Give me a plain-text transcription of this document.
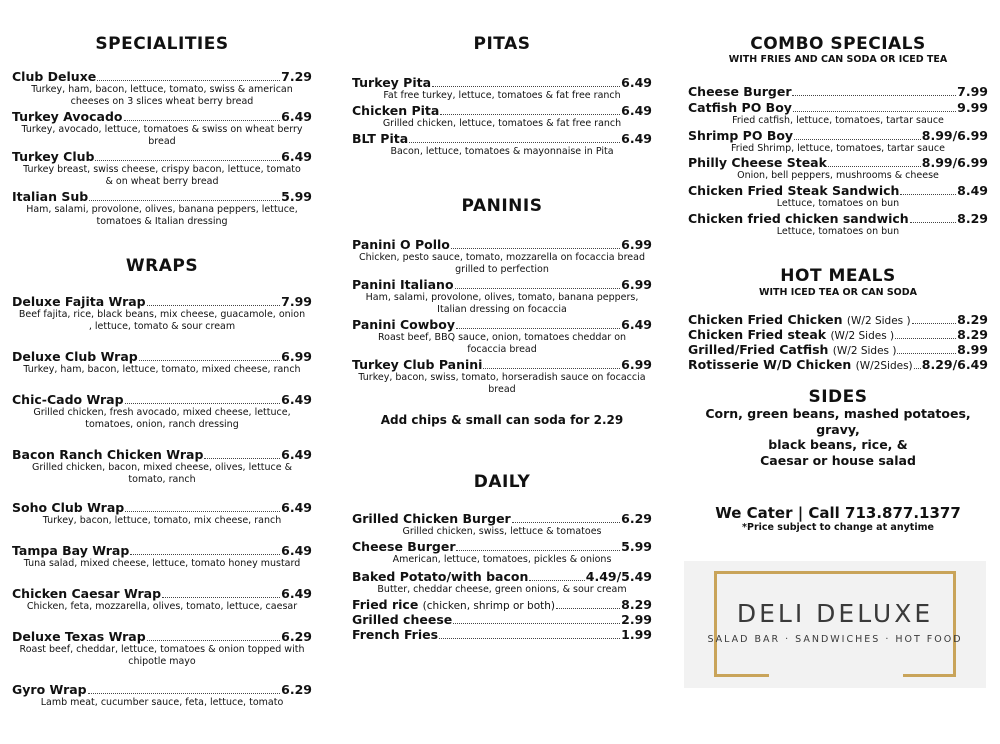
SPECIALITIES
Club Deluxe	7.29
Turkey, ham, bacon, lettuce, tomato, swiss & american cheeses on 3 slices wheat berry bread
Turkey Avocado	6.49
Turkey, avocado, lettuce, tomatoes & swiss on wheat berry bread
Turkey Club	6.49
Turkey breast, swiss cheese, crispy bacon, lettuce, tomato & on wheat berry bread
Italian Sub	5.99
Ham, salami, provolone, olives, banana peppers, lettuce, tomatoes & Italian dressing
WRAPS
Deluxe Fajita Wrap	7.99
Beef fajita, rice, black beans, mix cheese, guacamole, onion , lettuce, tomato & sour cream
Deluxe Club Wrap	6.99
Turkey, ham, bacon, lettuce, tomato, mixed cheese, ranch
Chic-Cado Wrap	6.49
Grilled chicken, fresh avocado, mixed cheese, lettuce, tomatoes, onion, ranch dressing
Bacon Ranch Chicken Wrap	6.49
Grilled chicken, bacon, mixed cheese, olives, lettuce & tomato, ranch
Soho Club Wrap	6.49
Turkey, bacon, lettuce, tomato, mix cheese, ranch
Tampa Bay Wrap	6.49
Tuna salad, mixed cheese, lettuce, tomato honey mustard
Chicken Caesar Wrap	6.49
Chicken, feta, mozzarella, olives, tomato, lettuce, caesar
Deluxe Texas Wrap	6.29
Roast beef, cheddar, lettuce, tomatoes & onion topped with chipotle mayo
Gyro Wrap	6.29
Lamb meat, cucumber sauce, feta, lettuce, tomato
PITAS
Turkey Pita	6.49
Fat free turkey, lettuce, tomatoes & fat free ranch
Chicken Pita	6.49
Grilled chicken, lettuce, tomatoes & fat free ranch
BLT Pita	6.49
Bacon, lettuce, tomatoes & mayonnaise in Pita
PANINIS
Panini O Pollo	6.99
Chicken, pesto sauce, tomato, mozzarella on focaccia bread grilled to perfection
Panini Italiano	6.99
Ham, salami, provolone, olives, tomato, banana peppers, Italian dressing on focaccia
Panini Cowboy	6.49
Roast beef, BBQ sauce, onion, tomatoes cheddar on focaccia bread
Turkey Club Panini	6.99
Turkey, bacon, swiss, tomato, horseradish sauce on focaccia bread
Add chips & small can soda for 2.29
DAILY
Grilled Chicken Burger	6.29
Grilled chicken, swiss, lettuce & tomatoes
Cheese Burger	5.99
American, lettuce, tomatoes, pickles & onions
Baked Potato/with bacon	4.49/5.49
Butter, cheddar cheese, green onions, & sour cream
Fried rice (chicken, shrimp or both)	8.29
Grilled cheese	2.99
French Fries	1.99
COMBO SPECIALS
WITH FRIES AND CAN SODA OR ICED TEA
Cheese Burger	7.99
Catfish PO Boy	9.99
Fried catfish, lettuce, tomatoes, tartar sauce
Shrimp PO Boy	8.99/6.99
Fried Shrimp, lettuce, tomatoes, tartar sauce
Philly Cheese Steak	8.99/6.99
Onion, bell peppers, mushrooms & cheese
Chicken Fried Steak Sandwich	8.49
Lettuce, tomatoes on bun
Chicken fried chicken sandwich	8.29
Lettuce, tomatoes on bun
HOT MEALS
WITH ICED TEA OR CAN SODA
Chicken Fried Chicken (W/2 Sides )	8.29
Chicken Fried steak (W/2 Sides )	8.29
Grilled/Fried Catfish (W/2 Sides )	8.99
Rotisserie W/D Chicken (W/2Sides) 8.29/6.49
SIDES
Corn, green beans, mashed potatoes, gravy,
black beans, rice, &
Caesar or house salad
We Cater | Call 713.877.1377
*Price subject to change at anytime
DELI DELUXE
SALAD BAR · SANDWICHES · HOT FOOD
